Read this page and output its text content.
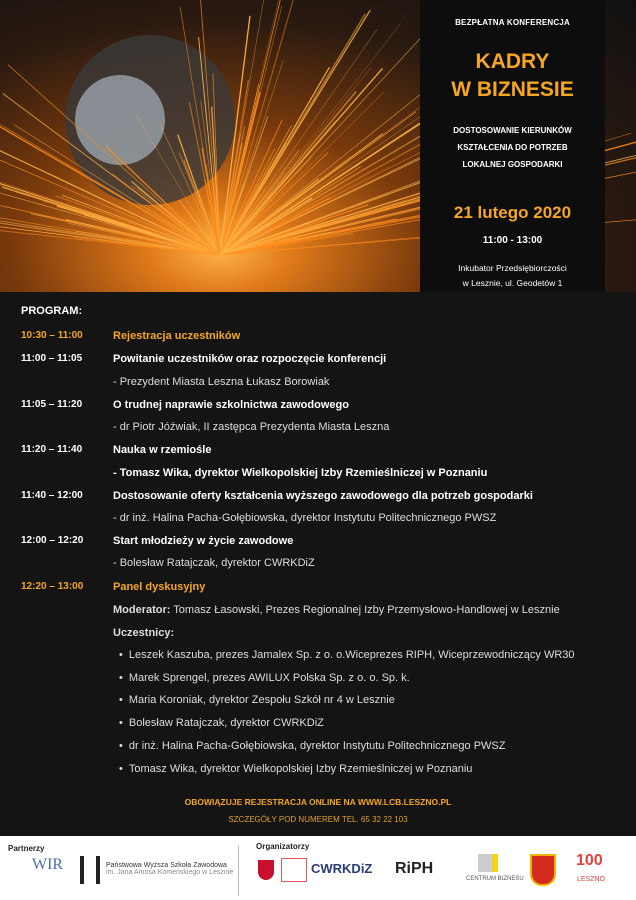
BEZPŁATNA KONFERENCJA
KADRY
W BIZNESIE
DOSTOSOWANIE KIERUNKÓW
KSZTAŁCENIA DO POTRZEB
LOKALNEJ GOSPODARKI
21 lutego 2020
11:00 - 13:00
Inkubator Przedsiębiorczości
w Lesznie, ul. Geodetów 1
PROGRAM:
10:30 – 11:00	Rejestracja uczestników
11:00 – 11:05	Powitanie uczestników oraz rozpoczęcie konferencji
- Prezydent Miasta Leszna Łukasz Borowiak
11:05 – 11:20	O trudnej naprawie szkolnictwa zawodowego
- dr Piotr Jóźwiak, II zastępca Prezydenta Miasta Leszna
11:20 – 11:40	Nauka w rzemiośle
- Tomasz Wika, dyrektor Wielkopolskiej Izby Rzemieślniczej w Poznaniu
11:40 – 12:00	Dostosowanie oferty kształcenia wyższego zawodowego dla potrzeb gospodarki
- dr inż. Halina Pacha-Gołębiowska, dyrektor Instytutu Politechnicznego PWSZ
12:00 – 12:20	Start młodzieży w życie zawodowe
- Bolesław Ratajczak, dyrektor CWRKDiZ
12:20 – 13:00	Panel dyskusyjny
Moderator: Tomasz Łasowski, Prezes Regionalnej Izby Przemysłowo-Handlowej w Lesznie
Uczestnicy:
• Leszek Kaszuba, prezes Jamalex Sp. z o. o.Wiceprezes RIPH, Wiceprzewodniczący WR30
• Marek Sprengel, prezes AWILUX Polska Sp. z o. o. Sp. k.
• Maria Koroniak, dyrektor Zespołu Szkół nr 4 w Lesznie
• Bolesław Ratajczak, dyrektor CWRKDiZ
• dr inż. Halina Pacha-Gołębiowska, dyrektor Instytutu Politechnicznego PWSZ
• Tomasz Wika, dyrektor Wielkopolskiej Izby Rzemieślniczej w Poznaniu
OBOWIĄZUJE REJESTRACJA ONLINE NA WWW.LCB.LESZNO.PL
SZCZEGÓŁY POD NUMEREM TEL. 65 32 22 103
Partnerzy
WIR	Państwowa Wyższa Szkoła Zawodowa
im. Jana Amosa Komeńskiego w Lesznie
Organizatorzy
CWRKDiZ RiPH
CENTRUM BIZNESU
100
LESZNO
